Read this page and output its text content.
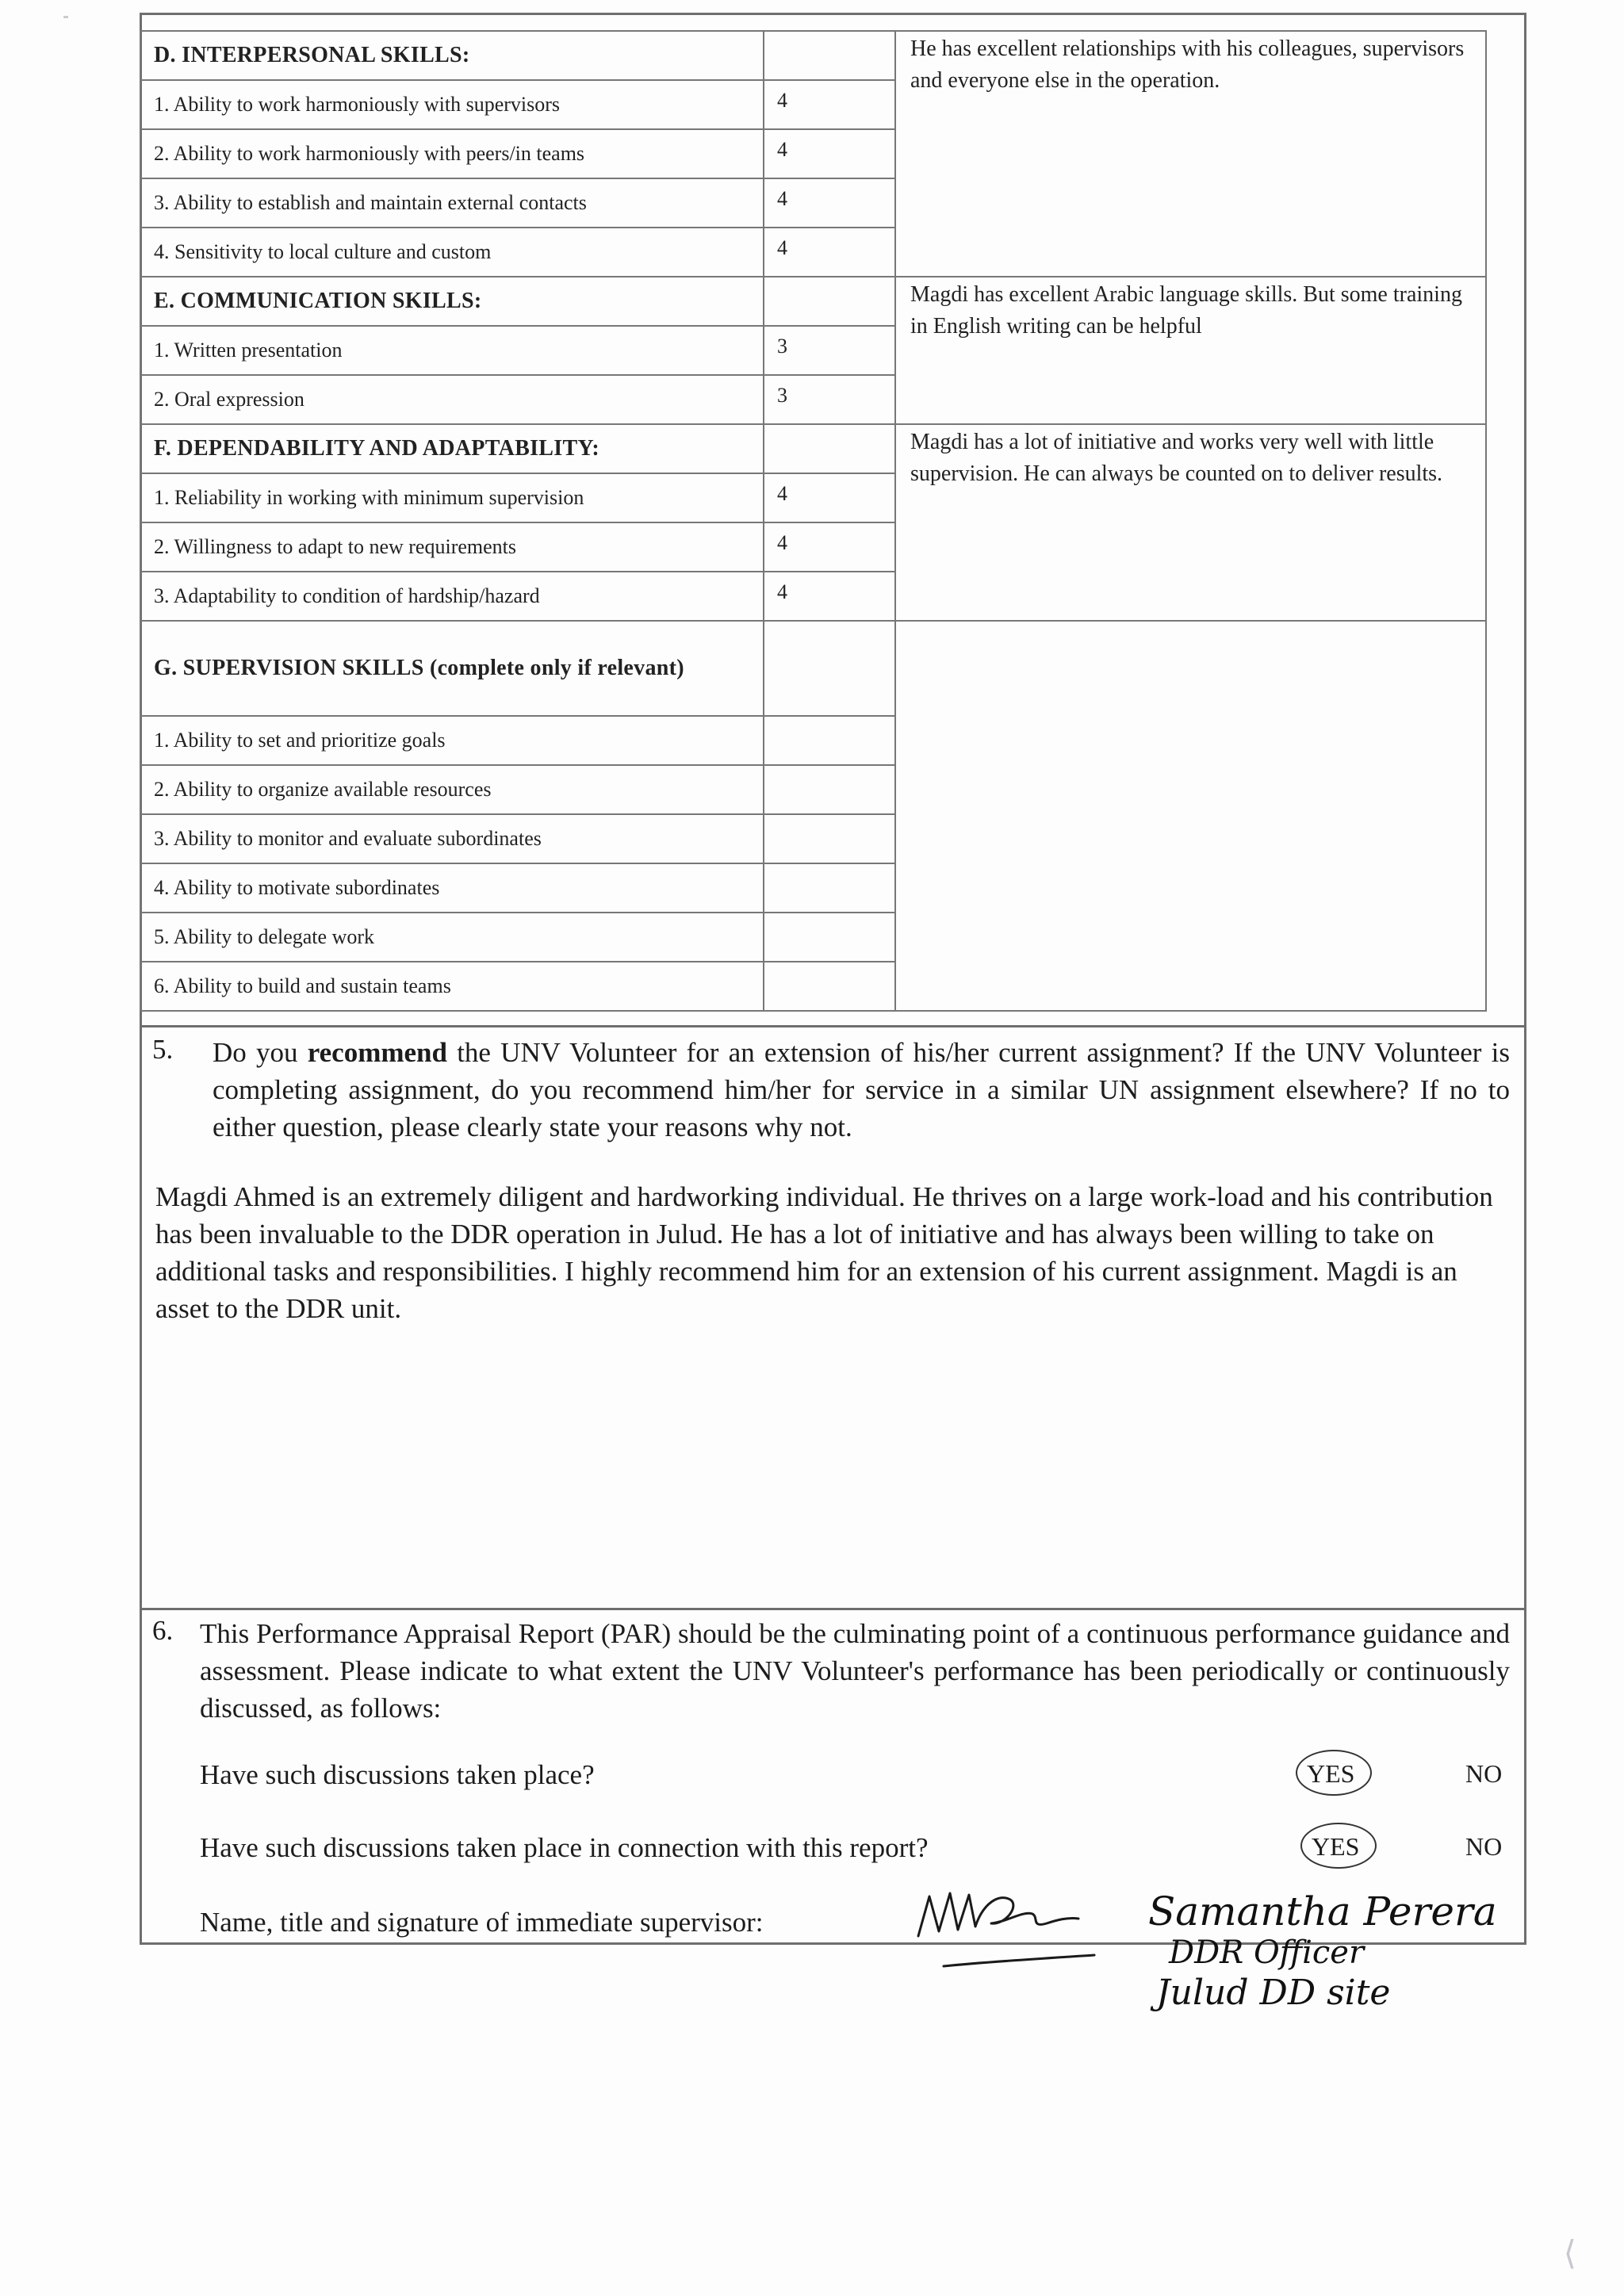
D. INTERPERSONAL SKILLS:		He has excellent relationships with his colleagues, supervisors and everyone else in the operation.
1. Ability to work harmoniously with supervisors	4	
2. Ability to work harmoniously with peers/in teams	4	
3. Ability to establish and maintain external contacts	4	
4. Sensitivity to local culture and custom	4	
E. COMMUNICATION SKILLS:		Magdi has excellent Arabic language skills. But some training in English writing can be helpful
1. Written presentation	3	
2. Oral expression	3	
F. DEPENDABILITY AND ADAPTABILITY:		Magdi has a lot of initiative and works very well with little supervision. He can always be counted on to deliver results.
1. Reliability in working with minimum supervision	4	
2. Willingness to adapt to new requirements	4	
3. Adaptability to condition of hardship/hazard	4	
G. SUPERVISION SKILLS (complete only if relevant)		
1. Ability to set and prioritize goals		
2. Ability to organize available resources		
3. Ability to monitor and evaluate subordinates		
4. Ability to motivate subordinates		
5. Ability to delegate work		
6. Ability to build and sustain teams		
5. Do you recommend the UNV Volunteer for an extension of his/her current assignment? If the UNV Volunteer is completing assignment, do you recommend him/her for service in a similar UN assignment elsewhere? If no to either question, please clearly state your reasons why not.
Magdi Ahmed is an extremely diligent and hardworking individual. He thrives on a large work-load and his contribution has been invaluable to the DDR operation in Julud. He has a lot of initiative and has always been willing to take on additional tasks and responsibilities. I highly recommend him for an extension of his current assignment. Magdi is an asset to the DDR unit.
6. This Performance Appraisal Report (PAR) should be the culminating point of a continuous performance guidance and assessment. Please indicate to what extent the UNV Volunteer's performance has been periodically or continuously discussed, as follows:
Have such discussions taken place?	YES	NO
Have such discussions taken place in connection with this report?	YES	NO
Name, title and signature of immediate supervisor:	Samantha Perera
DDR Officer
Julud DD site
⟨
